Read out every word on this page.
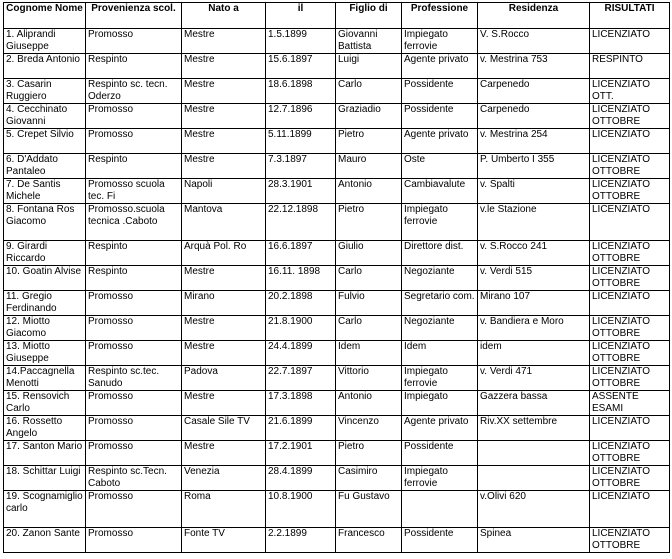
Cognome Nome	Provenienza scol.	Nato a	il	Figlio di	Professione	Residenza	RISULTATI
1. Aliprandi Giuseppe	Promosso	Mestre	1.5.1899	Giovanni Battista	Impiegato ferrovie	V. S.Rocco	LICENZIATO
2. Breda Antonio	Respinto	Mestre	15.6.1897	Luigi	Agente privato	v. Mestrina 753	RESPINTO
3. Casarin Ruggiero	Respinto sc. tecn. Oderzo	Mestre	18.6.1898	Carlo	Possidente	Carpenedo	LICENZIATO OTT.
4. Cecchinato Giovanni	Promosso	Mestre	12.7.1896	Graziadio	Possidente	Carpenedo	LICENZIATO OTTOBRE
5. Crepet Silvio	Promosso	Mestre	5.11.1899	Pietro	Agente privato	v. Mestrina 254	LICENZIATO
6. D'Addato Pantaleo	Respinto	Mestre	7.3.1897	Mauro	Oste	P. Umberto I 355	LICENZIATO OTTOBRE
7. De Santis Michele	Promosso scuola tec. Fi	Napoli	28.3.1901	Antonio	Cambiavalute	v. Spalti	LICENZIATO OTTOBRE
8. Fontana Ros Giacomo	Promosso.scuola tecnica .Caboto	Mantova	22.12.1898	Pietro	Impiegato ferrovie	v.le Stazione	LICENZIATO
9. Girardi Riccardo	Respinto	Arquà Pol. Ro	16.6.1897	Giulio	Direttore dist.	v. S.Rocco 241	LICENZIATO OTTOBRE
10. Goatin Alvise	Respinto	Mestre	16.11. 1898	Carlo	Negoziante	v. Verdi 515	LICENZIATO OTTOBRE
11. Gregio Ferdinando	Promosso	Mirano	20.2.1898	Fulvio	Segretario com.	Mirano 107	LICENZIATO
12. Miotto Giacomo	Promosso	Mestre	21.8.1900	Carlo	Negoziante	v. Bandiera e Moro	LICENZIATO OTTOBRE
13. Miotto Giuseppe	Promosso	Mestre	24.4.1899	Idem	Idem	idem	LICENZIATO OTTOBRE
14.Paccagnella Menotti	Respinto sc.tec. Sanudo	Padova	22.7.1897	Vittorio	Impiegato ferrovie	v. Verdi 471	LICENZIATO OTTOBRE
15. Rensovich Carlo	Promosso	Mestre	17.3.1898	Antonio	Impiegato	Gazzera bassa	ASSENTE ESAMI
16. Rossetto Angelo	Promosso	Casale Sile TV	21.6.1899	Vincenzo	Agente privato	Riv.XX settembre	LICENZIATO
17. Santon Mario	Promosso	Mestre	17.2.1901	Pietro	Possidente		LICENZIATO OTTOBRE
18. Schittar Luigi	Respinto sc.Tecn. Caboto	Venezia	28.4.1899	Casimiro	Impiegato ferrovie		LICENZIATO OTTOBRE
19. Scognamiglio carlo	Promosso	Roma	10.8.1900	Fu Gustavo		v.Olivi 620	LICENZIATO
20. Zanon Sante	Promosso	Fonte TV	2.2.1899	Francesco	Possidente	Spinea	LICENZIATO OTTOBRE
